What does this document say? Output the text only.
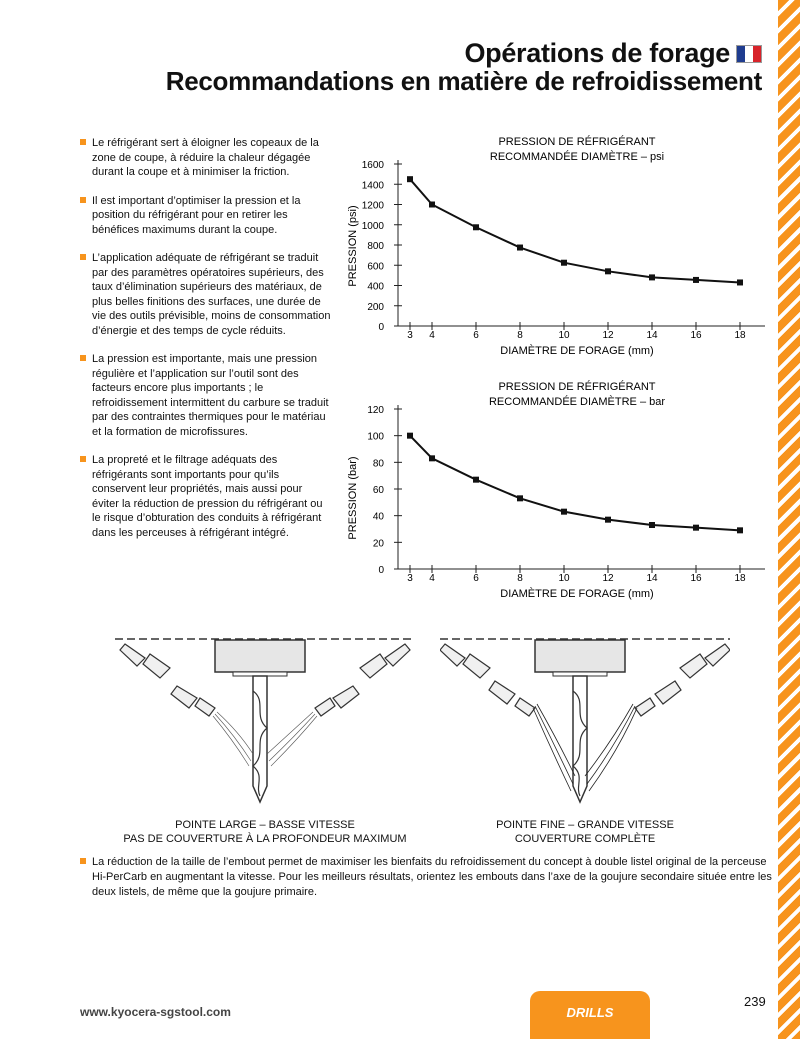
Opérations de forage
Recommandations en matière de refroidissement
Le réfrigérant sert à éloigner les copeaux de la zone de coupe, à réduire la chaleur dégagée durant la coupe et à minimiser la friction.
Il est important d’optimiser la pression et la position du réfrigérant pour en retirer les bénéfices maximums durant la coupe.
L’application adéquate de réfrigérant se traduit par des paramètres opératoires supérieurs, des taux d’élimination supérieurs des matériaux, de plus belles finitions des surfaces, une durée de vie des outils prévisible, moins de consommation d’énergie et des temps de cycle réduits.
La pression est importante, mais une pression régulière et l’application sur l’outil sont des facteurs encore plus importants ; le refroidissement intermittent du carbure se traduit par des contraintes thermiques pour le matériau et la formation de microfissures.
La propreté et le filtrage adéquats des réfrigérants sont importants pour qu’ils conservent leur propriétés, mais aussi pour éviter la réduction de pression du réfrigérant ou le risque d’obturation des conduits à réfrigérant dans les perceuses à réfrigérant intégré.
PRESSION DE RÉFRIGÉRANT
RECOMMANDÉE DIAMÈTRE – psi
DIAMÈTRE DE FORAGE (mm)
PRESSION (psi)
0
200
400
600
800
1000
1200
1400
1600
3 4	6	8	10	12	14	16	18
PRESSION DE RÉFRIGÉRANT
RECOMMANDÉE DIAMÈTRE – bar
DIAMÈTRE DE FORAGE (mm)
PRESSION (bar)
0
20
40
60
80
100
120
3 4	6	8	10	12	14	16	18
POINTE LARGE – BASSE VITESSE
PAS DE COUVERTURE À LA PROFONDEUR MAXIMUM
POINTE FINE – GRANDE VITESSE
COUVERTURE COMPLÈTE
La réduction de la taille de l’embout permet de maximiser les bienfaits du refroidissement du concept à double listel original de la perceuse Hi-PerCarb en augmentant la vitesse. Pour les meilleurs résultats, orientez les embouts dans l’axe de la goujure secondaire située entre les deux listels, de même que la goujure primaire.
www.kyocera-sgstool.com	DRILLS
239
